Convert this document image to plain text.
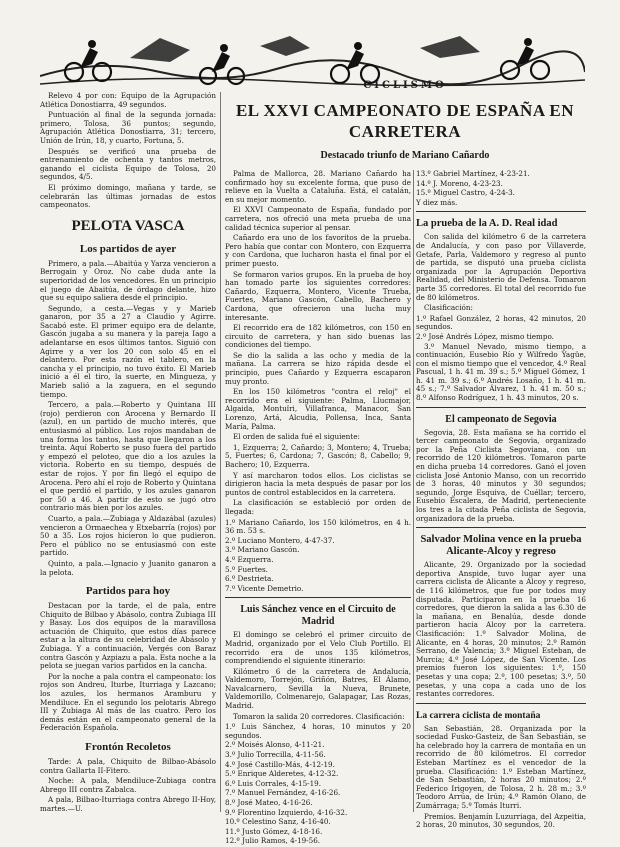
CICLISMO
EL XXVI CAMPEONATO DE ESPAÑA EN CARRETERA
Destacado triunfo de Mariano Cañardo

Relevo 4 por con: Equipo de la Agrupación Atlética Donostiarra, 49 segundos.

Puntuación al final de la segunda jornada: primero, Tolosa, 36 puntos; segundo, Agrupación Atlética Donostiarra, 31; tercero, Unión de Irún, 18, y cuarto, Fortuna, 5.

Después se verificó una prueba de entrenamiento de ochenta y tantos metros, ganando el ciclista Equipo de Tolosa, 20 segundos, 4/5.

El próximo domingo, mañana y tarde, se celebrarán las últimas jornadas de estos campeonatos.

PELOTA VASCA
Los partidos de ayer

Primero, a pala.—Abaitúa y Yarza vencieron a Berrogain y Oroz. No cabe duda ante la superioridad de los vencedores. En un principio el juego de Abaitúa, de órdago delante, hizo que su equipo saliera desde el principio.

Segundo, a cesta.—Vegas y y Marieb ganaron, por 35 a 27 a Claudio y Agirre. Sacabó este. El primer equipo era de delante, Gascón jugaba a su manera y la pareja Iago a adelantarse en esos últimos tantos. Siguió con Agirre y a ver los 20 con solo 45 en el delantero. Por esta razón el tablero, en la cancha y el principio, no tuvo éxito. El Marieb inició a él el tiro, la suerte, en Mingueza, y Marieb salió a la zaguera, en el segundo tiempo.

Tercero, a pala.—Roberto y Quintana III (rojo) perdieron con Arocena y Bernardo II (azul), en un partido de mucho interés, que entusiasmó al público. Los rojos mandaban de una forma los tantos, hasta que llegaron a los treinta. Aquí Roberto se puso fuera del partido y empezó el peloteo, que dio a los azules la victoria. Roberto en su tiempo, después de estar de rojos. Y por fin llegó el equipo de Arocena. Pero ahí el rojo de Roberto y Quintana el que perdió el partido, y los azules ganaron por 50 a 46. A partir de esto se jugó otro contrario más bien por los azules.

Cuarto, a pala.—Zubiaga y Aldazábal (azules) vencieron a Ormaechea y Etxebarría (rojos) por 50 a 35. Los rojos hicieron lo que pudieron. Pero el público no se entusiasmó con este partido.

Quinto, a pala.—Ignacio y Juanito ganaron a la pelota.

Partidos para hoy

Destacan por la tarde, el de pala, entre Chiquito de Bilbao y Abásolo, contra Zubiaga III y Basay. Los dos equipos de la maravillosa actuación de Chiquito, que estos días parece estar a la altura de su celebridad de Abásolo y Zubiaga. Y a continuación, Vergés con Baraz contra Gascón y Azpiazu a pala. Esta noche a la pelota se juegan varios partidos en la cancha.

Por la noche a pala contra el campeonato: los rojos son Andreu, Iturbe, Iturriaga y Lazcano; los azules, los hermanos Aramburu y Mendiluce. En el segundo los pelotaris Abrego III y Zubiaga Al más de las cuatro. Pero los demás están en el campeonato general de la Federación Española.

Frontón Recoletos

Tarde: A pala, Chiquito de Bilbao-Abásolo contra Gallarta II-Fitero.

Noche: A pala, Mendiluce-Zubiaga contra Abrego III contra Zabalca.

A pala, Bilbao-Iturriaga contra Abrego II-Hoy, martes.—U.

Palma de Mallorca, 28. Mariano Cañardo ha confirmado hoy su excelente forma, que puso de relieve en la Vuelta a Cataluña. Está, el catalán, en su mejor momento.

El XXVI Campeonato de España, fundado por carretera, nos ofreció una meta prueba de una calidad técnica superior al pensar.

Cañardo era uno de los favoritos de la prueba. Pero había que contar con Montero, con Ezquerra y con Cardona, que lucharon hasta el final por el primer puesto.

Se formaron varios grupos. En la prueba de hoy han tomado parte los siguientes corredores: Cañardo, Ezquerra, Montero, Vicente Trueba, Fuertes, Mariano Gascón, Cabello, Bachero y Cardona, que ofrecieron una lucha muy interesante.

El recorrido era de 182 kilómetros, con 150 en circuito de carretera, y han sido buenas las condiciones del tiempo.

Se dio la salida a las ocho y media de la mañana. La carrera se hizo rápida desde el principio, pues Cañardo y Ezquerra escaparon muy pronto.

En los 150 kilómetros "contra el reloj" el recorrido era el siguiente: Palma, Llucmajor, Algaida, Montuïri, Villafranca, Manacor, San Lorenzo, Artá, Alcudia, Pollensa, Inca, Santa María, Palma.

El orden de salida fué el siguiente:

1, Ezquerra; 2, Cañardo; 3, Montero; 4, Trueba; 5, Fuertes; 6, Cardona; 7, Gascón; 8, Cabello; 9, Bachero; 10, Ezquerra.

Y así marcharon todos ellos. Los ciclistas se dirigieron hacia la meta después de pasar por los puntos de control establecidos en la carretera.

La clasificación se estableció por orden de llegada:

1.º Mariano Cañardo, los 150 kilómetros, en 4 h. 36 m. 53 s.

2.º Luciano Montero, 4-47-37.

3.º Mariano Gascón.

4.º Ezquerra.

5.º Fuertes.

6.º Destrieta.

7.º Vicente Demetrio.

Luis Sánchez vence en el Circuito de Madrid

El domingo se celebró el primer circuito de Madrid, organizado por el Velo Club Portillo. El recorrido era de unos 135 kilómetros, comprendiendo el siguiente itinerario:

Kilómetro 6 de la carretera de Andalucía, Valdemoro, Torrejón, Griñón, Batres, El Álamo, Navalcarnero, Sevilla la Nueva, Brunete, Valdemorillo, Colmenarejo, Galapagar, Las Rozas, Madrid.

Tomaron la salida 20 corredores. Clasificación:

1.º Luis Sánchez, 4 horas, 10 minutos y 20 segundos.

2.º Moisés Alonso, 4-11-21.

3.º Julio Torrecilla, 4-11-56.

4.º José Castillo-Más, 4-12-19.

5.º Enrique Alderetes, 4-12-32.

6.º Luis Corrales, 4-15-19.

7.º Manuel Fernández, 4-16-26.

8.º José Mateo, 4-16-26.

9.º Florentino Izquierdo, 4-16-32.

10.º Celestino Sanz, 4-16-40.

11.º Justo Gómez, 4-18-16.

12.º Julio Ramos, 4-19-56.

13.º Gabriel Martínez, 4-23-21.

14.º J. Moreno, 4-23-23.

15.º Miguel Castro, 4-24-3.

Y diez más.

La prueba de la A. D. Real idad

Con salida del kilómetro 6 de la carretera de Andalucía, y con paso por Villaverde, Getafe, Parla, Valdemoro y regreso al punto de partida, se disputó una prueba ciclista organizada por la Agrupación Deportiva Realidad, del Ministerio de Defensa. Tomaron parte 35 corredores. El total del recorrido fue de 80 kilómetros.

Clasificación:

1.º Rafael González, 2 horas, 42 minutos, 20 segundos.

2.º José Andrés López, mismo tiempo.

3.º Manuel Nevado, mismo tiempo, a continuación, Eusebio Río y Wilfredo Yagüe, con el mismo tiempo que el vencedor, 4.º Real Pascual, 1 h. 41 m. 39 s.; 5.º Miguel Gómez, 1 h. 41 m. 39 s.; 6.º Andrés Losaño, 1 h. 41 m. 45 s.; 7.º Salvador Álvarez, 1 h. 41 m. 50 s.; 8.º Alfonso Rodríguez, 1 h. 43 minutos, 20 s.

El campeonato de Segovia

Segovia, 28. Esta mañana se ha corrido el tercer campeonato de Segovia, organizado por la Peña Ciclista Segoviana, con un recorrido de 120 kilómetros. Tomaron parte en dicha prueba 14 corredores. Ganó el joven ciclista José Antonio Manso, con un recorrido de 3 horas, 40 minutos y 30 segundos; segundo, Jorge Esquiva, de Cuéllar; tercero, Eusebio Escalera, de Madrid, perteneciente los tres a la citada Peña ciclista de Segovia, organizadora de la prueba.

Salvador Molina vence en la prueba Alicante-Alcoy y regreso

Alicante, 29. Organizado por la sociedad deportiva Anspide, tuvo lugar ayer una carrera ciclista de Alicante a Alcoy y regreso, de 116 kilómetros, que fue por todos muy disputada. Participaron en la prueba 16 corredores, que dieron la salida a las 6.30 de la mañana, en Benalúa, desde donde partieron hacia Alcoy por la carretera. Clasificación: 1.º Salvador Molina, de Alicante, en 4 horas, 20 minutos; 2.º Ramón Serrano, de Valencia; 3.º Miguel Esteban, de Murcia; 4.º José López, de San Vicente. Los premios fueron los siguientes: 1.º, 150 pesetas y una copa; 2.º, 100 pesetas; 3.º, 50 pesetas, y una copa a cada uno de los restantes corredores.

La carrera ciclista de montaña

San Sebastián, 28. Organizada por la sociedad Fusko-Gasteiz, de San Sebastián, se ha celebrado hoy la carrera de montaña en un recorrido de 80 kilómetros. El corredor Esteban Martínez es el vencedor de la prueba. Clasificación: 1.º Esteban Martínez, de San Sebastián, 2 horas 20 minutos; 2.º Federico Irigoyen, de Tolosa, 2 h. 28 m.; 3.º Teodoro Arrúa, de Irún; 4.º Ramón Olano, de Zumárraga; 5.º Tomás Iturri.

Premios. Benjamín Luzurriaga, del Azpeitia, 2 horas, 20 minutos, 30 segundos, 20.
